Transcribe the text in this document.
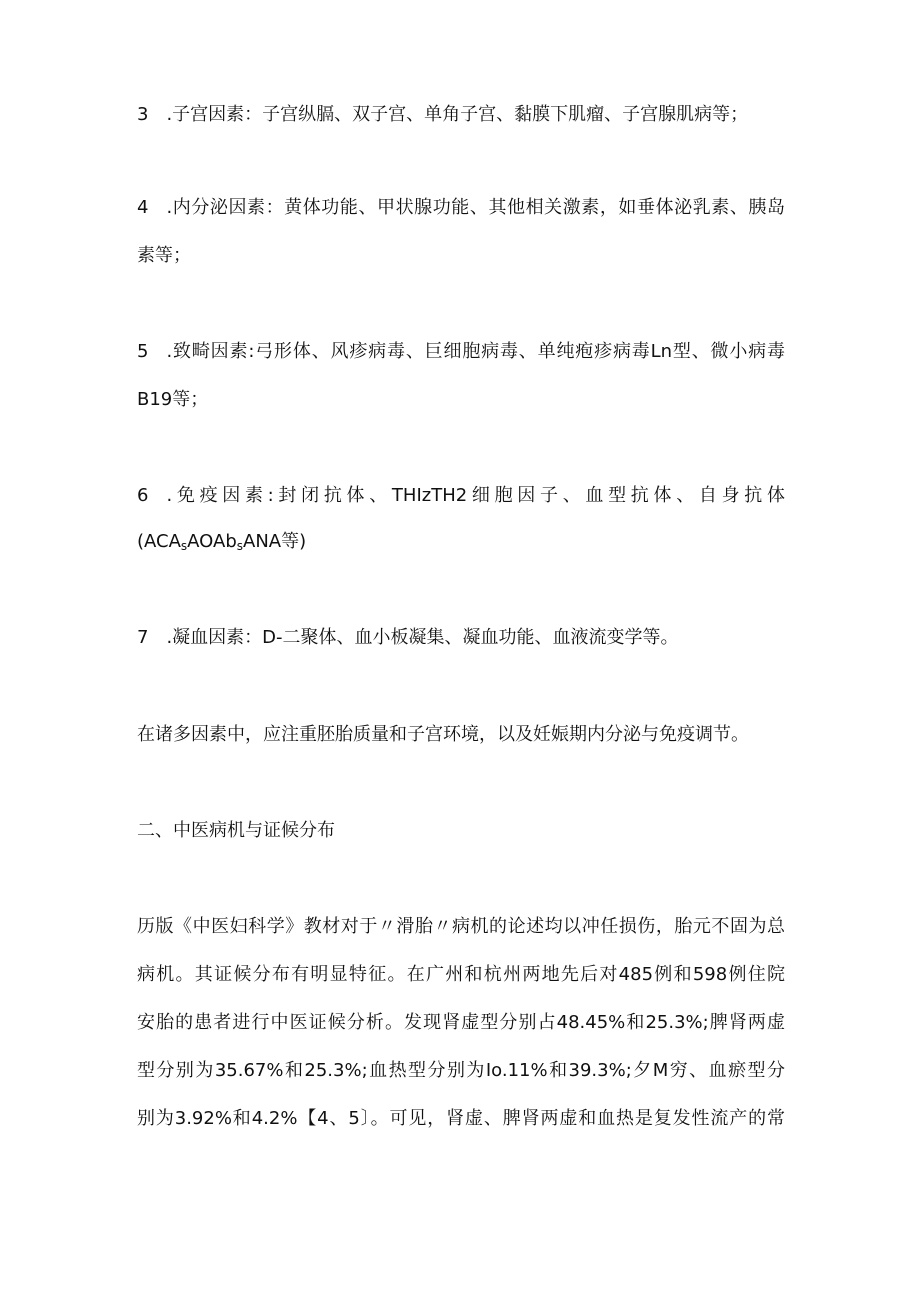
3 .子宫因素：子宫纵膈、双子宫、单角子宫、黏膜下肌瘤、子宫腺肌病等；
4 .内分泌因素：黄体功能、甲状腺功能、其他相关激素，如垂体泌乳素、胰岛
素等；
5 .致畸因素:弓形体、风疹病毒、巨细胞病毒、单纯疱疹病毒Ln型、微小病毒
B19等；
6 .免疫因素:封闭抗体、THIzTH2细胞因子、血型抗体、自身抗体
($ACA_sAOAb_sANA$等)
7 .凝血因素：D-二聚体、血小板凝集、凝血功能、血液流变学等。
在诸多因素中，应注重胚胎质量和子宫环境，以及妊娠期内分泌与免疫调节。
二、中医病机与证候分布
历版《中医妇科学》教材对于〃滑胎〃病机的论述均以冲任损伤，胎元不固为总
病机。其证候分布有明显特征。在广州和杭州两地先后对485例和598例住院
安胎的患者进行中医证候分析。发现肾虚型分别占48.45%和25.3%;脾肾两虚
型分别为35.67%和25.3%;血热型分别为Io.11%和39.3%;夕M穷、血瘀型分
别为3.92%和4.2%【4、5〕。可见，肾虚、脾肾两虚和血热是复发性流产的常
